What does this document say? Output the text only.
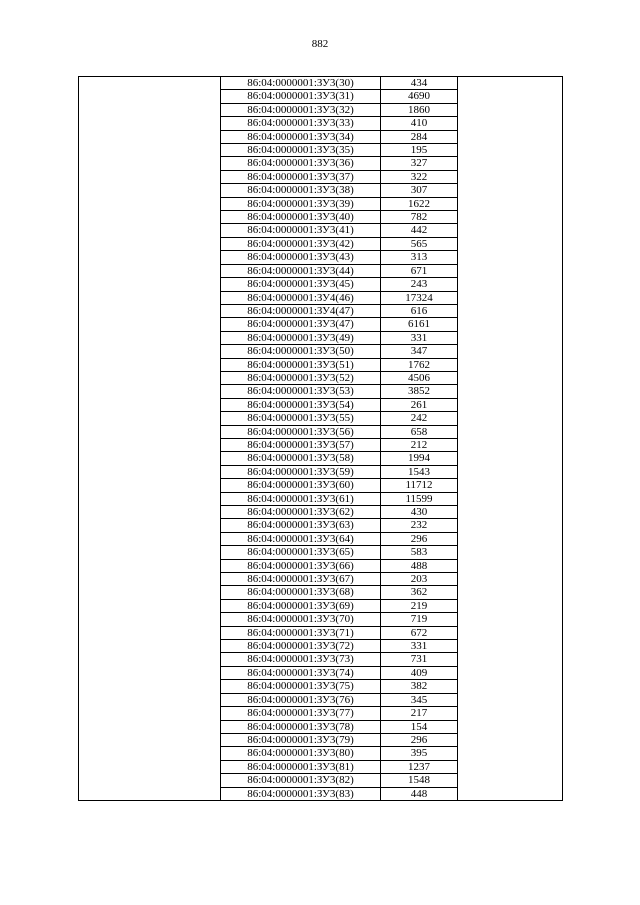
882
	86:04:0000001:ЗУ3(30)	434	
	86:04:0000001:ЗУ3(31)	4690	
	86:04:0000001:ЗУ3(32)	1860	
	86:04:0000001:ЗУ3(33)	410	
	86:04:0000001:ЗУ3(34)	284	
	86:04:0000001:ЗУ3(35)	195	
	86:04:0000001:ЗУ3(36)	327	
	86:04:0000001:ЗУ3(37)	322	
	86:04:0000001:ЗУ3(38)	307	
	86:04:0000001:ЗУ3(39)	1622	
	86:04:0000001:ЗУ3(40)	782	
	86:04:0000001:ЗУ3(41)	442	
	86:04:0000001:ЗУ3(42)	565	
	86:04:0000001:ЗУ3(43)	313	
	86:04:0000001:ЗУ3(44)	671	
	86:04:0000001:ЗУ3(45)	243	
	86:04:0000001:ЗУ4(46)	17324	
	86:04:0000001:ЗУ4(47)	616	
	86:04:0000001:ЗУ3(47)	6161	
	86:04:0000001:ЗУ3(49)	331	
	86:04:0000001:ЗУ3(50)	347	
	86:04:0000001:ЗУ3(51)	1762	
	86:04:0000001:ЗУ3(52)	4506	
	86:04:0000001:ЗУ3(53)	3852	
	86:04:0000001:ЗУ3(54)	261	
	86:04:0000001:ЗУ3(55)	242	
	86:04:0000001:ЗУ3(56)	658	
	86:04:0000001:ЗУ3(57)	212	
	86:04:0000001:ЗУ3(58)	1994	
	86:04:0000001:ЗУ3(59)	1543	
	86:04:0000001:ЗУ3(60)	11712	
	86:04:0000001:ЗУ3(61)	11599	
	86:04:0000001:ЗУ3(62)	430	
	86:04:0000001:ЗУ3(63)	232	
	86:04:0000001:ЗУ3(64)	296	
	86:04:0000001:ЗУ3(65)	583	
	86:04:0000001:ЗУ3(66)	488	
	86:04:0000001:ЗУ3(67)	203	
	86:04:0000001:ЗУ3(68)	362	
	86:04:0000001:ЗУ3(69)	219	
	86:04:0000001:ЗУ3(70)	719	
	86:04:0000001:ЗУ3(71)	672	
	86:04:0000001:ЗУ3(72)	331	
	86:04:0000001:ЗУ3(73)	731	
	86:04:0000001:ЗУ3(74)	409	
	86:04:0000001:ЗУ3(75)	382	
	86:04:0000001:ЗУ3(76)	345	
	86:04:0000001:ЗУ3(77)	217	
	86:04:0000001:ЗУ3(78)	154	
	86:04:0000001:ЗУ3(79)	296	
	86:04:0000001:ЗУ3(80)	395	
	86:04:0000001:ЗУ3(81)	1237	
	86:04:0000001:ЗУ3(82)	1548	
	86:04:0000001:ЗУ3(83)	448	
